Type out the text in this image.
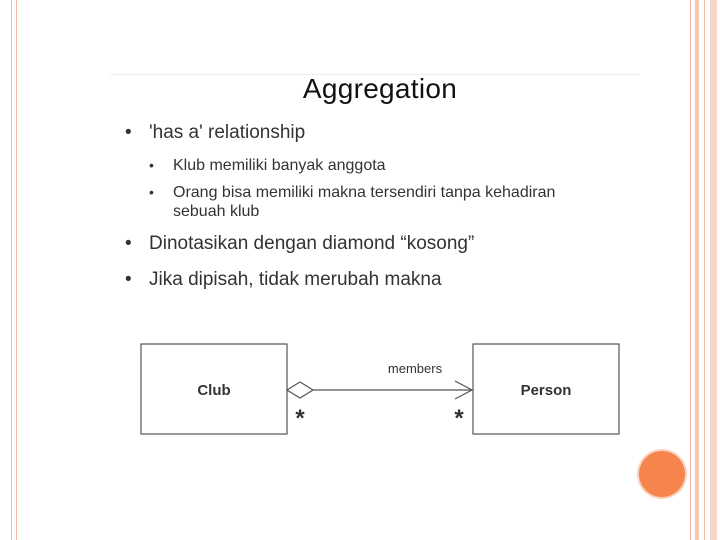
Aggregation
• 'has a' relationship
• Klub memiliki banyak anggota
• Orang bisa memiliki makna tersendiri tanpa kehadiran sebuah klub
• Dinotasikan dengan diamond “kosong”
• Jika dipisah, tidak merubah makna
Club	Person
members
*	*
